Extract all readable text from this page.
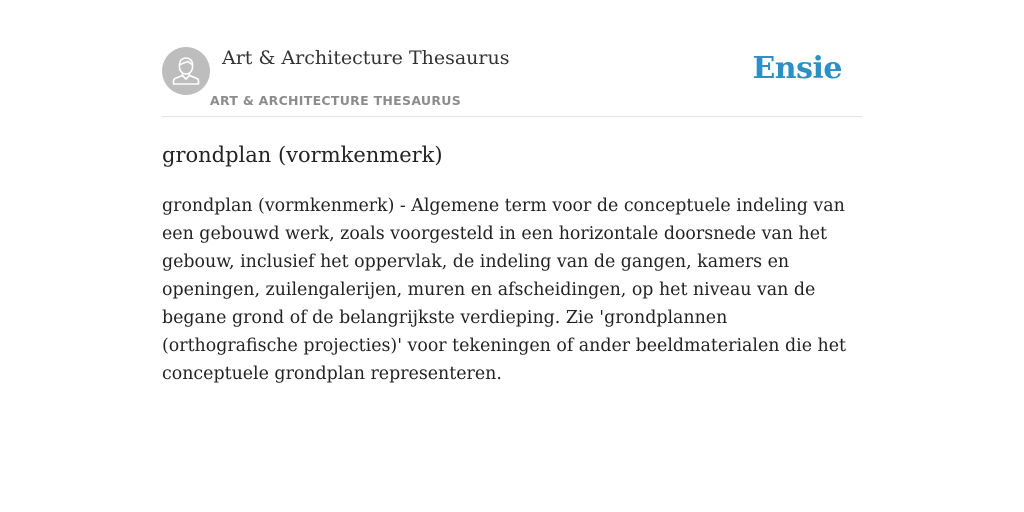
Art & Architecture Thesaurus
ART & ARCHITECTURE THESAURUS
Ensie
grondplan (vormkenmerk)

grondplan (vormkenmerk) - Algemene term voor de conceptuele indeling van een gebouwd werk, zoals voorgesteld in een horizontale doorsnede van het gebouw, inclusief het oppervlak, de indeling van de gangen, kamers en openingen, zuilengalerijen, muren en afscheidingen, op het niveau van de begane grond of de belangrijkste verdieping. Zie 'grondplannen (orthografische projecties)' voor tekeningen of ander beeldmaterialen die het conceptuele grondplan representeren.
